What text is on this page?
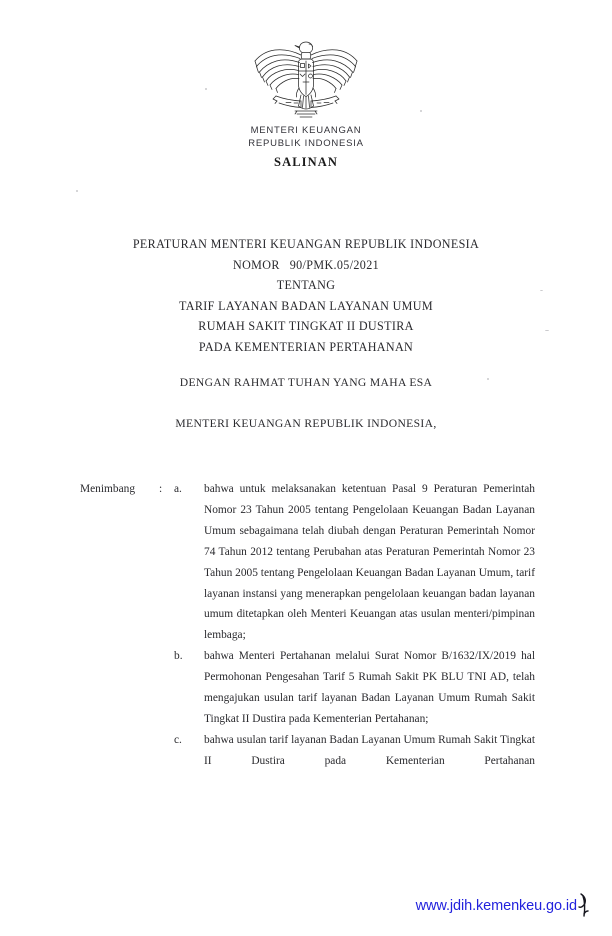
MENTERI KEUANGAN
REPUBLIK INDONESIA
SALINAN
PERATURAN MENTERI KEUANGAN REPUBLIK INDONESIA
NOMOR 90/PMK.05/2021
TENTANG
TARIF LAYANAN BADAN LAYANAN UMUM
RUMAH SAKIT TINGKAT II DUSTIRA
PADA KEMENTERIAN PERTAHANAN
DENGAN RAHMAT TUHAN YANG MAHA ESA
MENTERI KEUANGAN REPUBLIK INDONESIA,
Menimbang	:	a.	bahwa untuk melaksanakan ketentuan Pasal 9 Peraturan Pemerintah Nomor 23 Tahun 2005 tentang Pengelolaan Keuangan Badan Layanan Umum sebagaimana telah diubah dengan Peraturan Pemerintah Nomor 74 Tahun 2012 tentang Perubahan atas Peraturan Pemerintah Nomor 23 Tahun 2005 tentang Pengelolaan Keuangan Badan Layanan Umum, tarif layanan instansi yang menerapkan pengelolaan keuangan badan layanan umum ditetapkan oleh Menteri Keuangan atas usulan menteri/pimpinan lembaga;
b.	bahwa Menteri Pertahanan melalui Surat Nomor B/1632/IX/2019 hal Permohonan Pengesahan Tarif 5 Rumah Sakit PK BLU TNI AD, telah mengajukan usulan tarif layanan Badan Layanan Umum Rumah Sakit Tingkat II Dustira pada Kementerian Pertahanan;
c.	bahwa usulan tarif layanan Badan Layanan Umum Rumah Sakit Tingkat II Dustira pada Kementerian Pertahanan
www.jdih.kemenkeu.go.id
